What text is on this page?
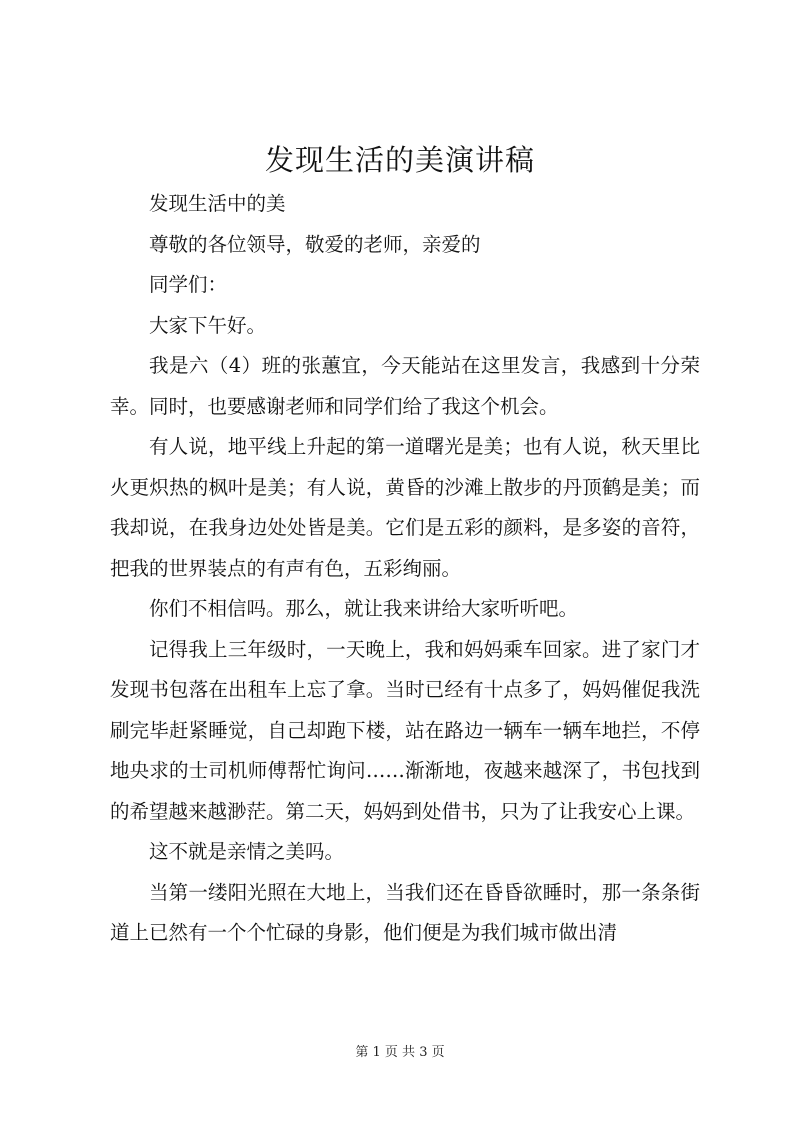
发现生活的美演讲稿

发现生活中的美

尊敬的各位领导，敬爱的老师，亲爱的

同学们：

大家下午好。

我是六（4）班的张蕙宜，今天能站在这里发言，我感到十分荣幸。同时，也要感谢老师和同学们给了我这个机会。

有人说，地平线上升起的第一道曙光是美；也有人说，秋天里比火更炽热的枫叶是美；有人说，黄昏的沙滩上散步的丹顶鹤是美；而我却说，在我身边处处皆是美。它们是五彩的颜料，是多姿的音符，把我的世界装点的有声有色，五彩绚丽。

你们不相信吗。那么，就让我来讲给大家听听吧。

记得我上三年级时，一天晚上，我和妈妈乘车回家。进了家门才发现书包落在出租车上忘了拿。当时已经有十点多了，妈妈催促我洗刷完毕赶紧睡觉，自己却跑下楼，站在路边一辆车一辆车地拦，不停地央求的士司机师傅帮忙询问……渐渐地，夜越来越深了，书包找到的希望越来越渺茫。第二天，妈妈到处借书，只为了让我安心上课。

这不就是亲情之美吗。

当第一缕阳光照在大地上，当我们还在昏昏欲睡时，那一条条街道上已然有一个个忙碌的身影，他们便是为我们城市做出清

第 1 页 共 3 页
